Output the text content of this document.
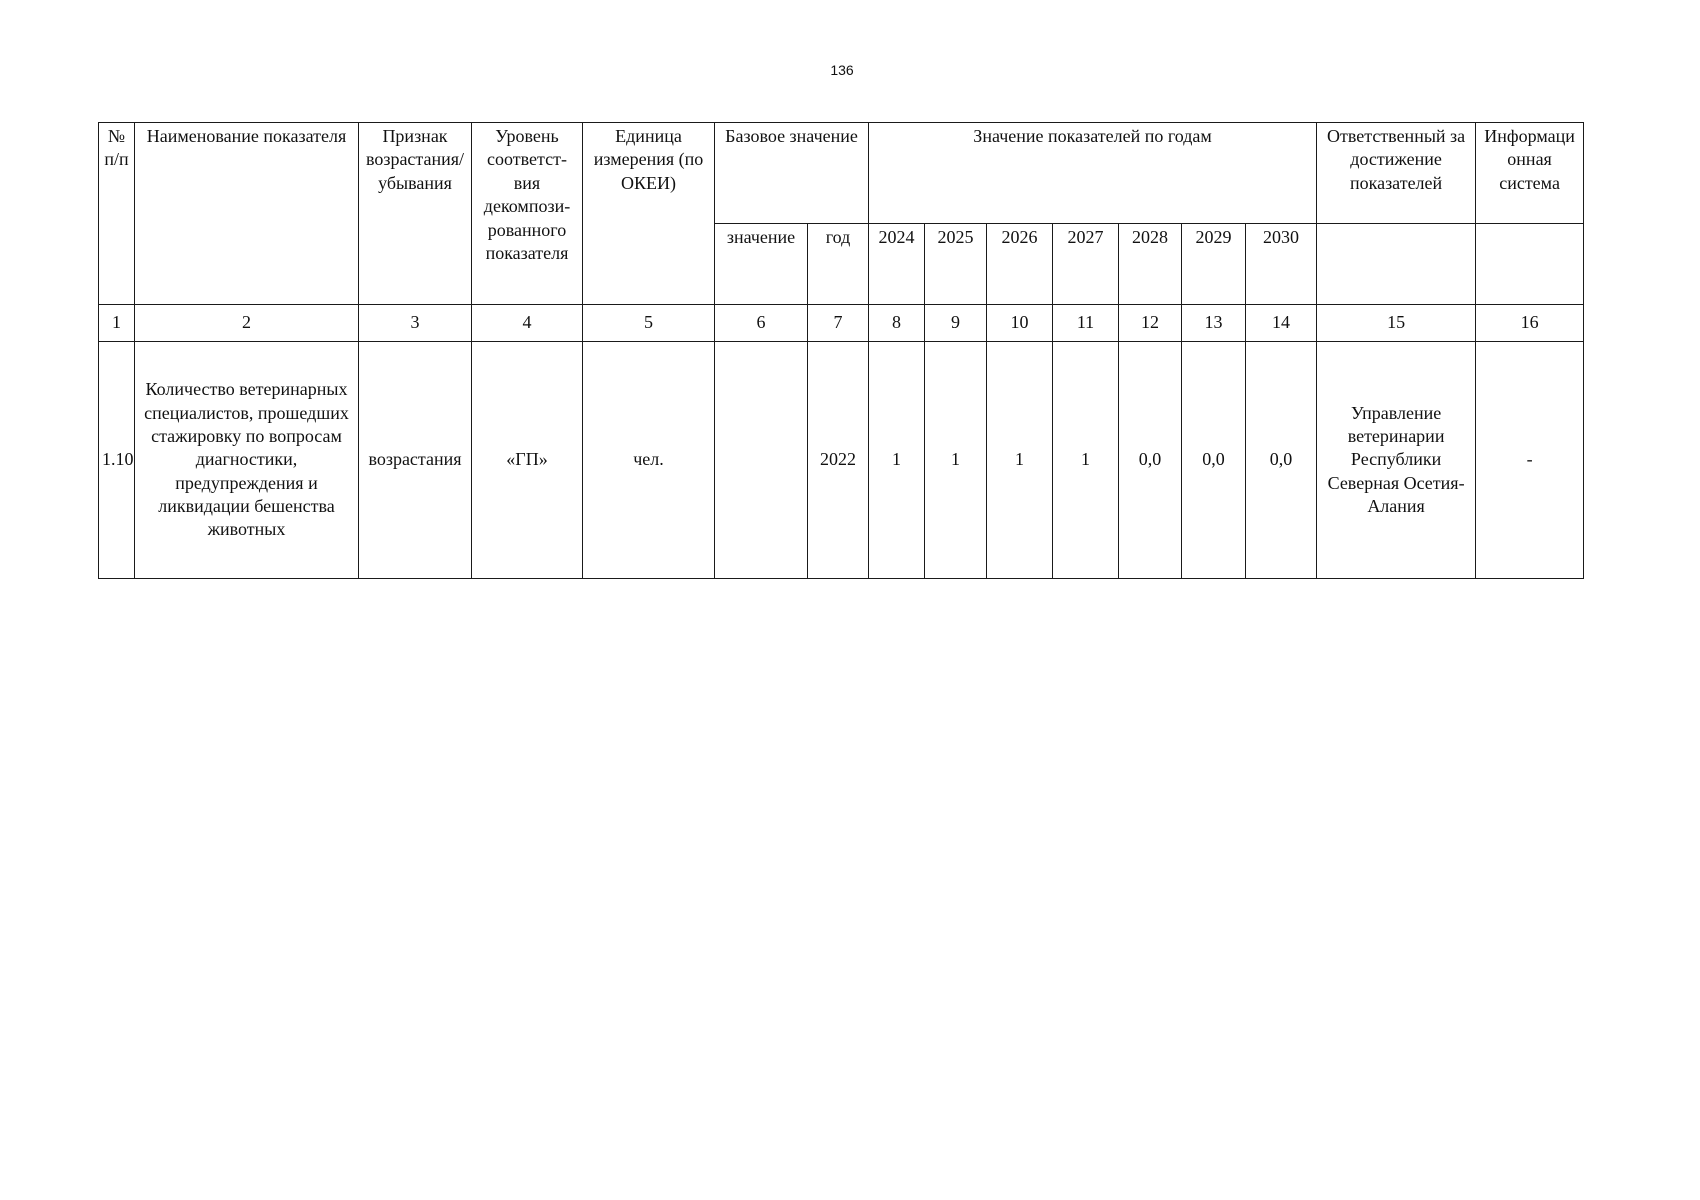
136
№ п/п	Наименование показателя	Признак возрастания/ убывания	Уровень соответст- вия декомпози- рованного показателя	Единица измерения (по ОКЕИ)	Базовое значение		Значение показателей по годам							Ответственный за достижение показателей	Информаци онная система
					значение	год	2024	2025	2026	2027	2028	2029	2030		
1	2	3	4	5	6	7	8	9	10	11	12	13	14	15	16
1.10	Количество ветеринарных специалистов, прошедших стажировку по вопросам диагностики, предупреждения и ликвидации бешенства животных	возрастания	«ГП»	чел.		2022	1	1	1	1	0,0	0,0	0,0	Управление ветеринарии Республики Северная Осетия- Алания	-
